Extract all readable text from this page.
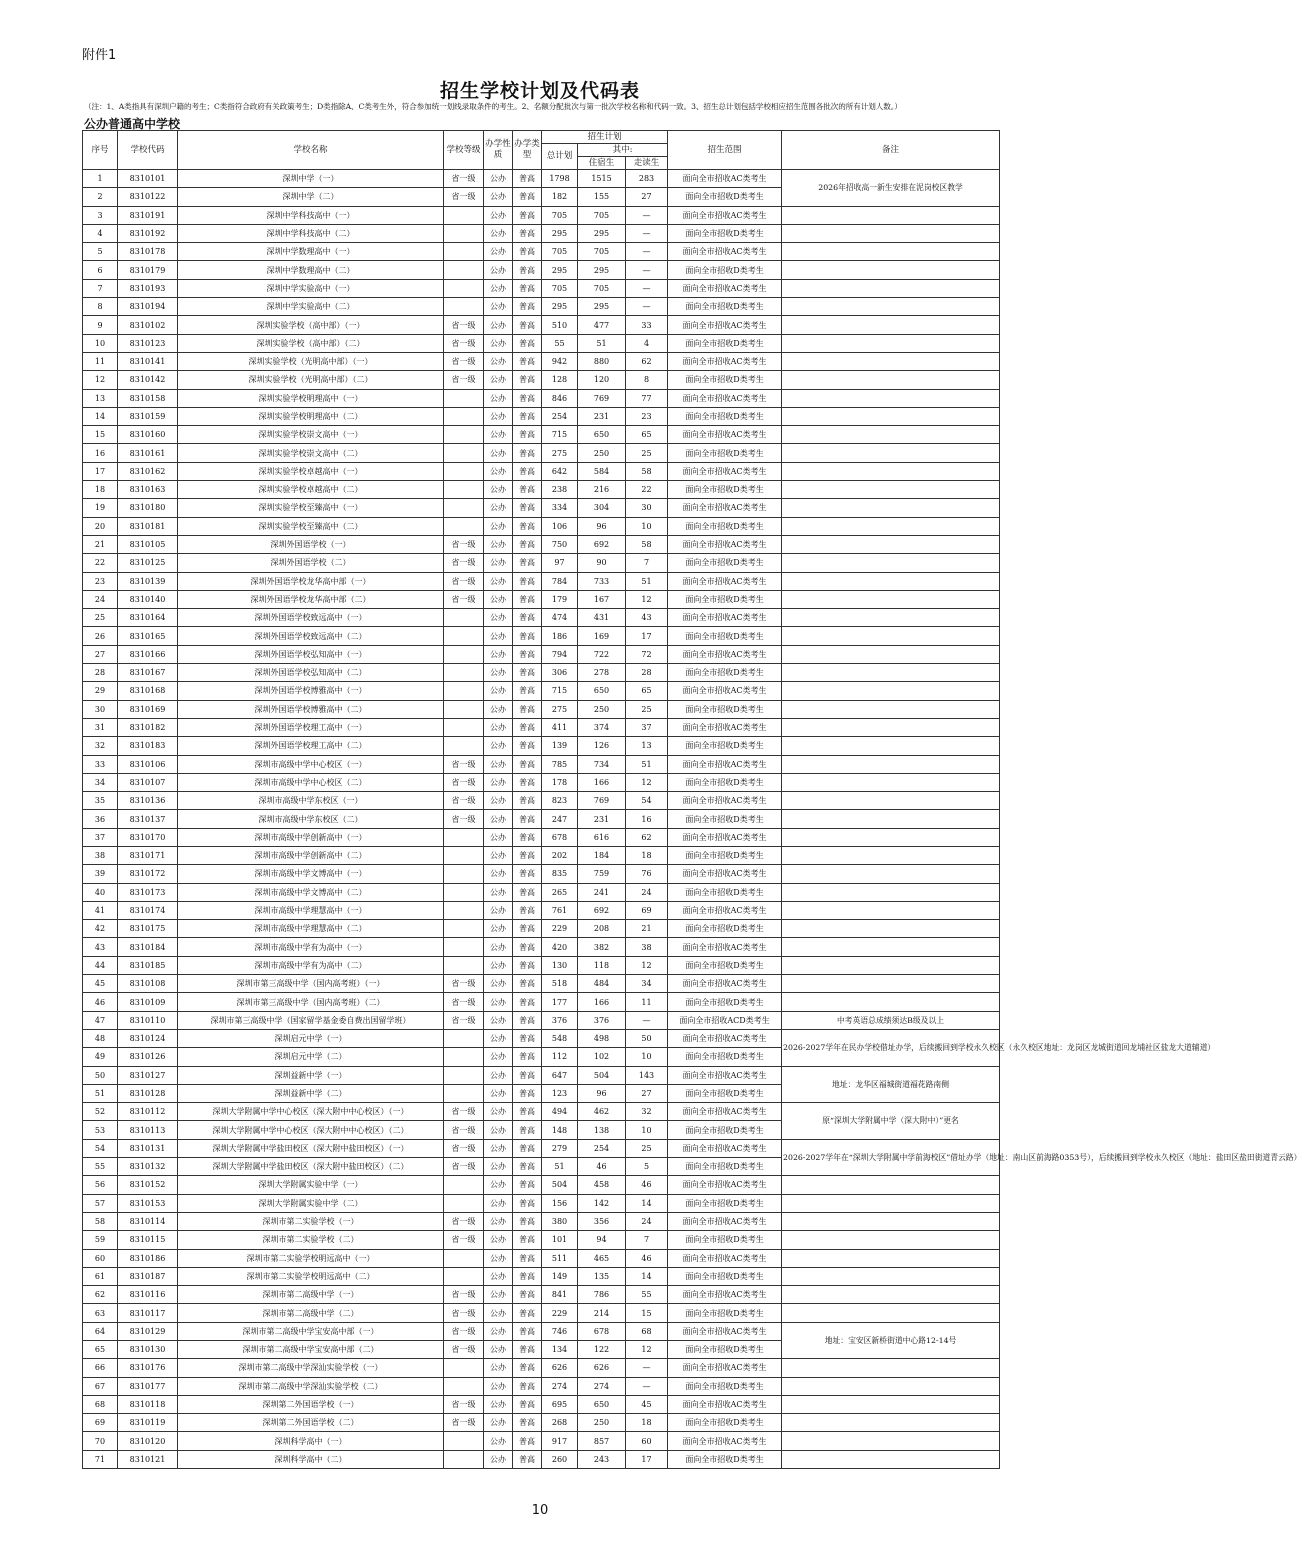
附件1
招生学校计划及代码表
（注：1、A类指具有深圳户籍的考生；C类指符合政府有关政策考生；D类指除A、C类考生外，符合参加统一划线录取条件的考生。2、名额分配批次与第一批次学校名称和代码一致。3、招生总计划包括学校相应招生范围各批次的所有计划人数。）
公办普通高中学校
序号	学校代码	学校名称	学校等级	办学性质	办学类型	招生计划			招生范围	备注
						总计划	其中:			
							住宿生	走读生		
1	8310101	深圳中学（一）	省一级	公办	普高	1798	1515	283	面向全市招收AC类考生	2026年招收高一新生安排在泥岗校区教学
2	8310122	深圳中学（二）	省一级	公办	普高	182	155	27	面向全市招收D类考生	
3	8310191	深圳中学科技高中（一）		公办	普高	705	705	—	面向全市招收AC类考生	
4	8310192	深圳中学科技高中（二）		公办	普高	295	295	—	面向全市招收D类考生	
5	8310178	深圳中学数理高中（一）		公办	普高	705	705	—	面向全市招收AC类考生	
6	8310179	深圳中学数理高中（二）		公办	普高	295	295	—	面向全市招收D类考生	
7	8310193	深圳中学实验高中（一）		公办	普高	705	705	—	面向全市招收AC类考生	
8	8310194	深圳中学实验高中（二）		公办	普高	295	295	—	面向全市招收D类考生	
9	8310102	深圳实验学校（高中部）（一）	省一级	公办	普高	510	477	33	面向全市招收AC类考生	
10	8310123	深圳实验学校（高中部）（二）	省一级	公办	普高	55	51	4	面向全市招收D类考生	
11	8310141	深圳实验学校（光明高中部）（一）	省一级	公办	普高	942	880	62	面向全市招收AC类考生	
12	8310142	深圳实验学校（光明高中部）（二）	省一级	公办	普高	128	120	8	面向全市招收D类考生	
13	8310158	深圳实验学校明理高中（一）		公办	普高	846	769	77	面向全市招收AC类考生	
14	8310159	深圳实验学校明理高中（二）		公办	普高	254	231	23	面向全市招收D类考生	
15	8310160	深圳实验学校崇文高中（一）		公办	普高	715	650	65	面向全市招收AC类考生	
16	8310161	深圳实验学校崇文高中（二）		公办	普高	275	250	25	面向全市招收D类考生	
17	8310162	深圳实验学校卓越高中（一）		公办	普高	642	584	58	面向全市招收AC类考生	
18	8310163	深圳实验学校卓越高中（二）		公办	普高	238	216	22	面向全市招收D类考生	
19	8310180	深圳实验学校至臻高中（一）		公办	普高	334	304	30	面向全市招收AC类考生	
20	8310181	深圳实验学校至臻高中（二）		公办	普高	106	96	10	面向全市招收D类考生	
21	8310105	深圳外国语学校（一）	省一级	公办	普高	750	692	58	面向全市招收AC类考生	
22	8310125	深圳外国语学校（二）	省一级	公办	普高	97	90	7	面向全市招收D类考生	
23	8310139	深圳外国语学校龙华高中部（一）	省一级	公办	普高	784	733	51	面向全市招收AC类考生	
24	8310140	深圳外国语学校龙华高中部（二）	省一级	公办	普高	179	167	12	面向全市招收D类考生	
25	8310164	深圳外国语学校致远高中（一）		公办	普高	474	431	43	面向全市招收AC类考生	
26	8310165	深圳外国语学校致远高中（二）		公办	普高	186	169	17	面向全市招收D类考生	
27	8310166	深圳外国语学校弘知高中（一）		公办	普高	794	722	72	面向全市招收AC类考生	
28	8310167	深圳外国语学校弘知高中（二）		公办	普高	306	278	28	面向全市招收D类考生	
29	8310168	深圳外国语学校博雅高中（一）		公办	普高	715	650	65	面向全市招收AC类考生	
30	8310169	深圳外国语学校博雅高中（二）		公办	普高	275	250	25	面向全市招收D类考生	
31	8310182	深圳外国语学校理工高中（一）		公办	普高	411	374	37	面向全市招收AC类考生	
32	8310183	深圳外国语学校理工高中（二）		公办	普高	139	126	13	面向全市招收D类考生	
33	8310106	深圳市高级中学中心校区（一）	省一级	公办	普高	785	734	51	面向全市招收AC类考生	
34	8310107	深圳市高级中学中心校区（二）	省一级	公办	普高	178	166	12	面向全市招收D类考生	
35	8310136	深圳市高级中学东校区（一）	省一级	公办	普高	823	769	54	面向全市招收AC类考生	
36	8310137	深圳市高级中学东校区（二）	省一级	公办	普高	247	231	16	面向全市招收D类考生	
37	8310170	深圳市高级中学创新高中（一）		公办	普高	678	616	62	面向全市招收AC类考生	
38	8310171	深圳市高级中学创新高中（二）		公办	普高	202	184	18	面向全市招收D类考生	
39	8310172	深圳市高级中学文博高中（一）		公办	普高	835	759	76	面向全市招收AC类考生	
40	8310173	深圳市高级中学文博高中（二）		公办	普高	265	241	24	面向全市招收D类考生	
41	8310174	深圳市高级中学理慧高中（一）		公办	普高	761	692	69	面向全市招收AC类考生	
42	8310175	深圳市高级中学理慧高中（二）		公办	普高	229	208	21	面向全市招收D类考生	
43	8310184	深圳市高级中学有为高中（一）		公办	普高	420	382	38	面向全市招收AC类考生	
44	8310185	深圳市高级中学有为高中（二）		公办	普高	130	118	12	面向全市招收D类考生	
45	8310108	深圳市第三高级中学（国内高考班）（一）	省一级	公办	普高	518	484	34	面向全市招收AC类考生	
46	8310109	深圳市第三高级中学（国内高考班）（二）	省一级	公办	普高	177	166	11	面向全市招收D类考生	
47	8310110	深圳市第三高级中学（国家留学基金委自费出国留学班）	省一级	公办	普高	376	376	—	面向全市招收ACD类考生	中考英语总成绩须达B级及以上
48	8310124	深圳启元中学（一）		公办	普高	548	498	50	面向全市招收AC类考生	2026-2027学年在民办学校借址办学，后续搬回到学校永久校区（永久校区地址：龙岗区龙城街道回龙埔社区盐龙大道辅道）
49	8310126	深圳启元中学（二）		公办	普高	112	102	10	面向全市招收D类考生	
50	8310127	深圳益新中学（一）		公办	普高	647	504	143	面向全市招收AC类考生	地址：龙华区福城街道福花路南侧
51	8310128	深圳益新中学（二）		公办	普高	123	96	27	面向全市招收D类考生	
52	8310112	深圳大学附属中学中心校区（深大附中中心校区）（一）	省一级	公办	普高	494	462	32	面向全市招收AC类考生	原“深圳大学附属中学（深大附中）”更名
53	8310113	深圳大学附属中学中心校区（深大附中中心校区）（二）	省一级	公办	普高	148	138	10	面向全市招收D类考生	
54	8310131	深圳大学附属中学盐田校区（深大附中盐田校区）（一）	省一级	公办	普高	279	254	25	面向全市招收AC类考生	2026-2027学年在“深圳大学附属中学前海校区”借址办学（地址：南山区前海路0353号），后续搬回到学校永久校区（地址：盐田区盐田街道青云路）
55	8310132	深圳大学附属中学盐田校区（深大附中盐田校区）（二）	省一级	公办	普高	51	46	5	面向全市招收D类考生	
56	8310152	深圳大学附属实验中学（一）		公办	普高	504	458	46	面向全市招收AC类考生	
57	8310153	深圳大学附属实验中学（二）		公办	普高	156	142	14	面向全市招收D类考生	
58	8310114	深圳市第二实验学校（一）	省一级	公办	普高	380	356	24	面向全市招收AC类考生	
59	8310115	深圳市第二实验学校（二）	省一级	公办	普高	101	94	7	面向全市招收D类考生	
60	8310186	深圳市第二实验学校明远高中（一）		公办	普高	511	465	46	面向全市招收AC类考生	
61	8310187	深圳市第二实验学校明远高中（二）		公办	普高	149	135	14	面向全市招收D类考生	
62	8310116	深圳市第二高级中学（一）	省一级	公办	普高	841	786	55	面向全市招收AC类考生	
63	8310117	深圳市第二高级中学（二）	省一级	公办	普高	229	214	15	面向全市招收D类考生	
64	8310129	深圳市第二高级中学宝安高中部（一）	省一级	公办	普高	746	678	68	面向全市招收AC类考生	地址：宝安区新桥街道中心路12-14号
65	8310130	深圳市第二高级中学宝安高中部（二）	省一级	公办	普高	134	122	12	面向全市招收D类考生	
66	8310176	深圳市第二高级中学深汕实验学校（一）		公办	普高	626	626	—	面向全市招收AC类考生	
67	8310177	深圳市第二高级中学深汕实验学校（二）		公办	普高	274	274	—	面向全市招收D类考生	
68	8310118	深圳第二外国语学校（一）	省一级	公办	普高	695	650	45	面向全市招收AC类考生	
69	8310119	深圳第二外国语学校（二）	省一级	公办	普高	268	250	18	面向全市招收D类考生	
70	8310120	深圳科学高中（一）		公办	普高	917	857	60	面向全市招收AC类考生	
71	8310121	深圳科学高中（二）		公办	普高	260	243	17	面向全市招收D类考生	
10
